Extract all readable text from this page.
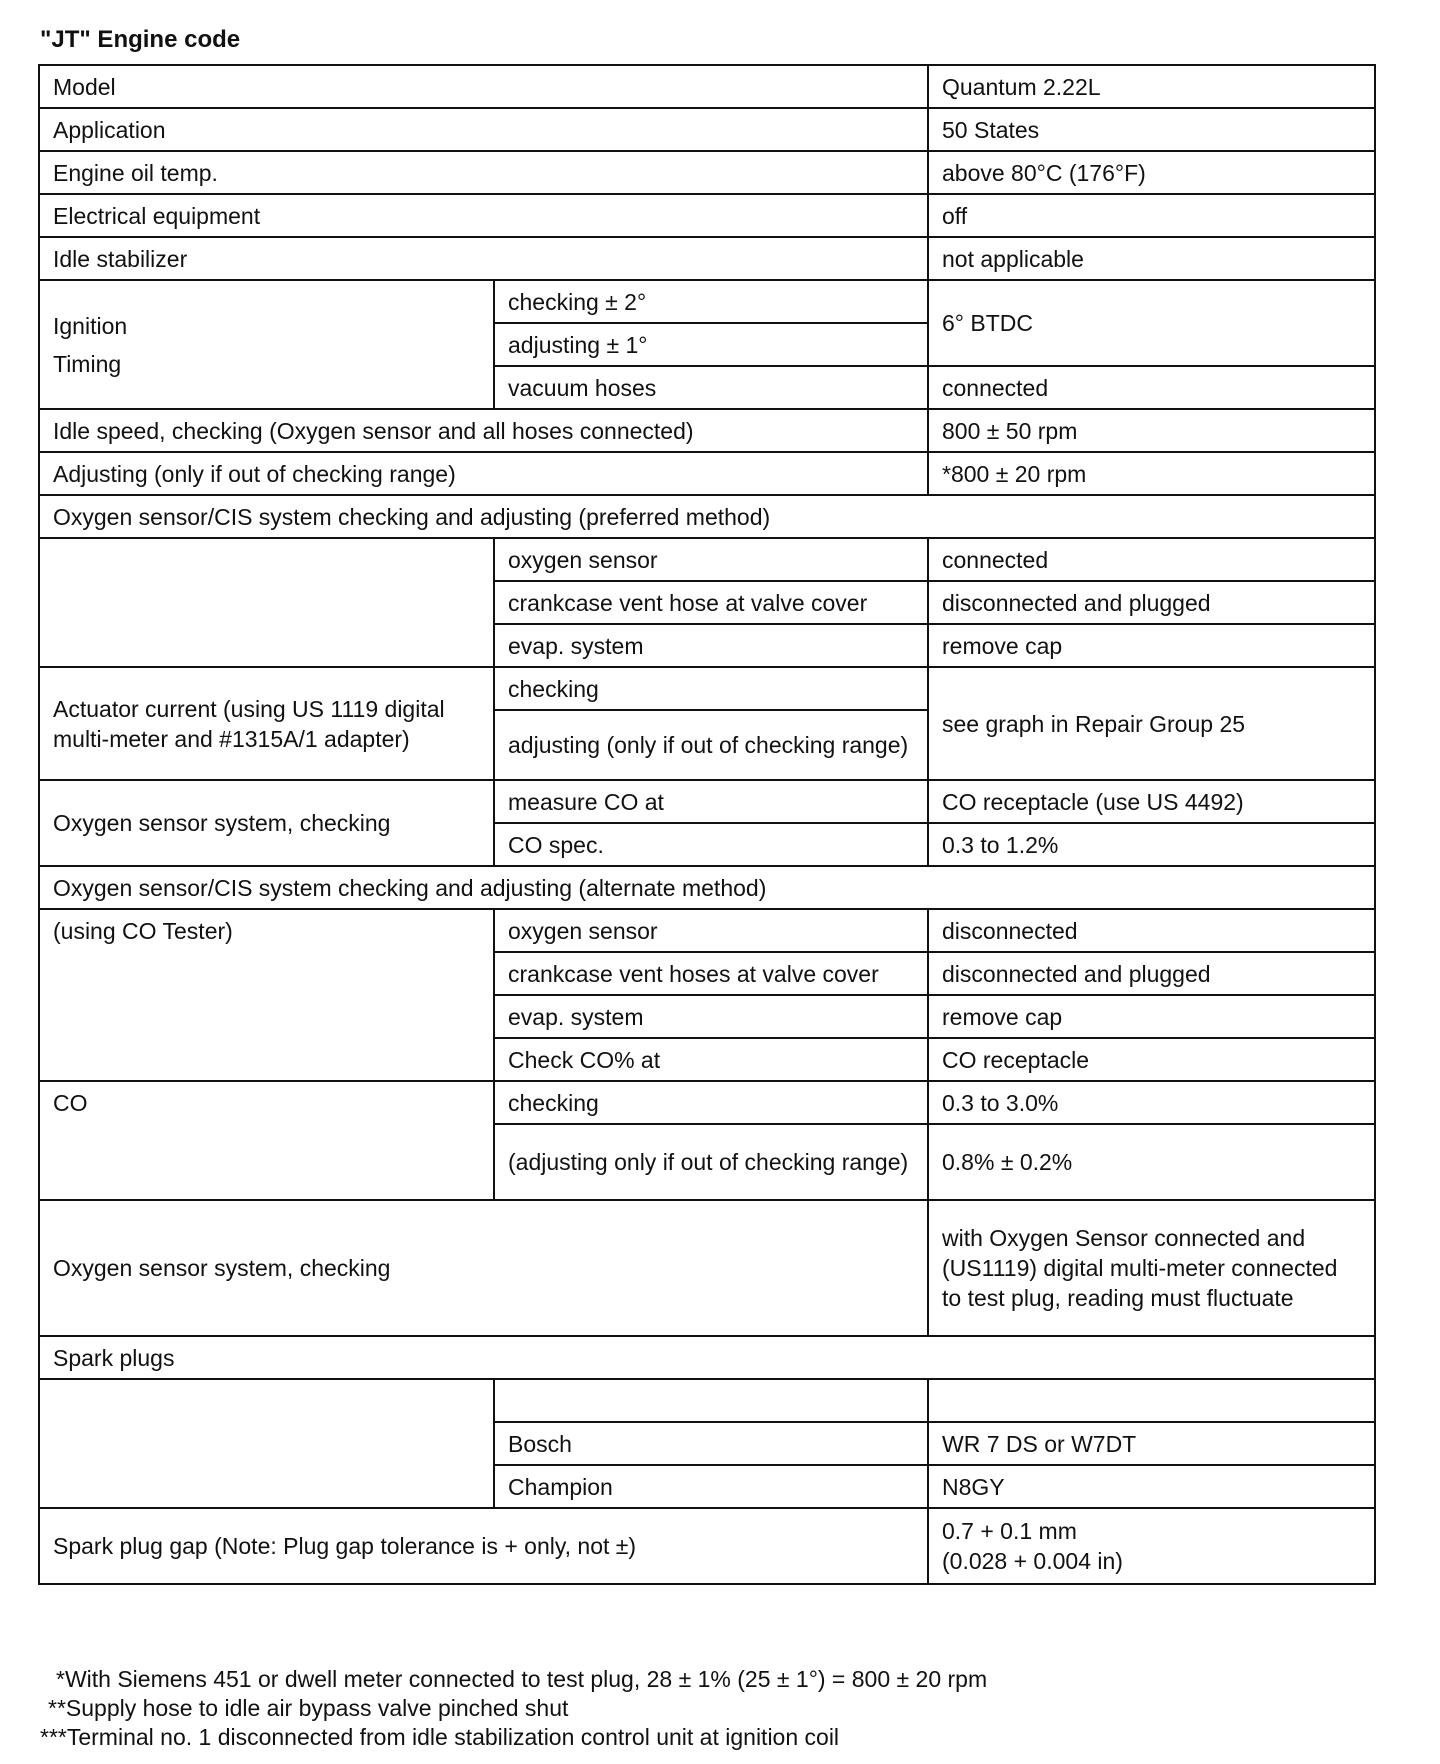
"JT" Engine code
Model		Quantum 2.22L
Application		50 States
Engine oil temp.		above 80°C (176°F)
Electrical equipment		off
Idle stabilizer		not applicable

Ignition
Timing	checking ± 2°	6° BTDC
	adjusting ± 1°	
	vacuum hoses	connected
Idle speed, checking (Oxygen sensor and all hoses connected)		800 ± 50 rpm
Adjusting (only if out of checking range)		*800 ± 20 rpm
Oxygen sensor/CIS system checking and adjusting (preferred method)		
	oxygen sensor	connected
	crankcase vent hose at valve cover	disconnected and plugged
	evap. system	remove cap
Actuator current (using US 1119 digital multi-meter and #1315A/1 adapter)	checking	see graph in Repair Group 25
	adjusting (only if out of checking range)	
Oxygen sensor system, checking	measure CO at	CO receptacle (use US 4492)
	CO spec.	0.3 to 1.2%
Oxygen sensor/CIS system checking and adjusting (alternate method)		
(using CO Tester)	oxygen sensor	disconnected
	crankcase vent hoses at valve cover	disconnected and plugged
	evap. system	remove cap
	Check CO% at	CO receptacle
CO	checking	0.3 to 3.0%
	(adjusting only if out of checking range)	0.8% ± 0.2%
Oxygen sensor system, checking		with Oxygen Sensor connected and (US1119) digital multi-meter connected to test plug, reading must fluctuate
Spark plugs		

	Bosch	WR 7 DS or W7DT
	Champion	N8GY
Spark plug gap (Note: Plug gap tolerance is + only, not ±)		0.7 + 0.1 mm
(0.028 + 0.004 in)
*With Siemens 451 or dwell meter connected to test plug, 28 ± 1% (25 ± 1°) = 800 ± 20 rpm
**Supply hose to idle air bypass valve pinched shut
***Terminal no. 1 disconnected from idle stabilization control unit at ignition coil
